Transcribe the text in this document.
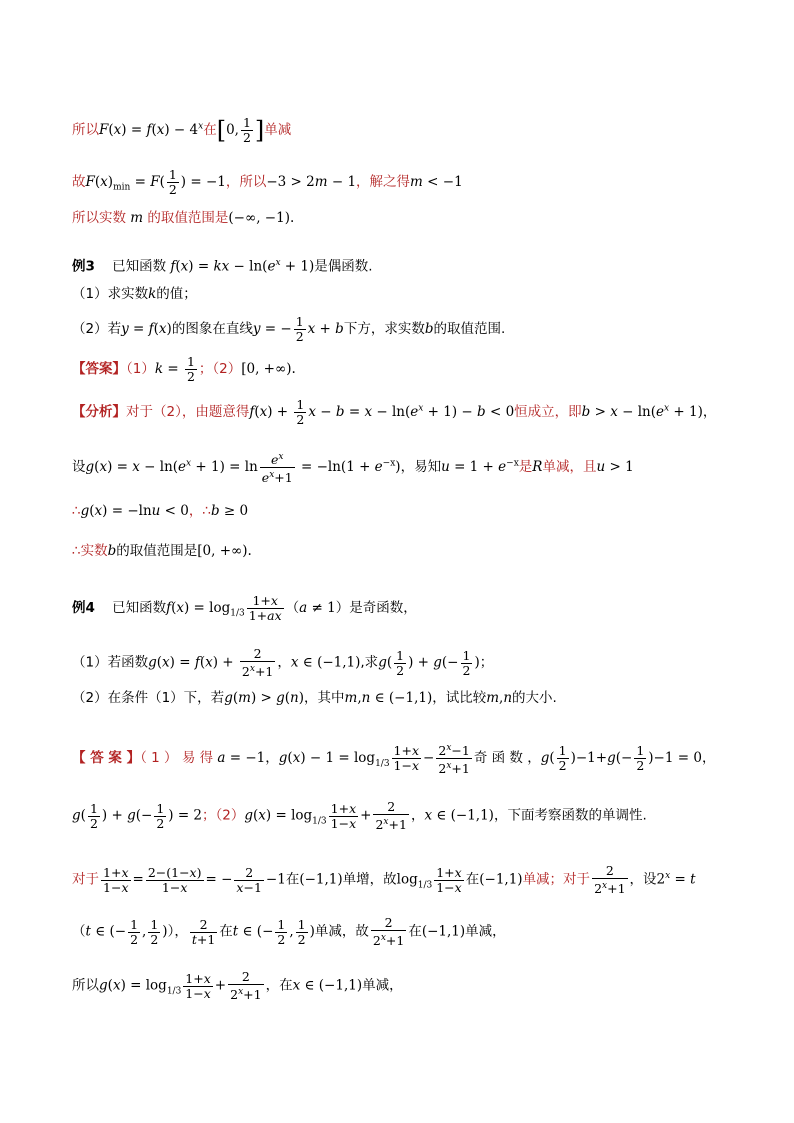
所以$F(x) = f(x) - 4^x$在[0, $\frac{1}{2}$ ]单减
故$F(x)_{min} = F( \frac{1}{2}$ ) = −1，所以−3 > 2m − 1，解之得m < −1
所以实数 m 的取值范围是(−∞, −1).
例3 已知函数 f(x) = kx − $\ln(e^x + 1)$是偶函数.
（1）求实数k的值；
（2）若y = f(x)的图象在直线y = − $\frac{1}{2}$ x + b下方，求实数b的取值范围.
【答案】$(1)k = \frac{1}{2}$ ；（2）[0, +∞).
【分析】对于（2），由题意得$f(x) + \frac{1}{2}$ $x - b = x - \ln(e^x + 1) - b < 0$恒成立，即$b > x - \ln(e^x + 1)$，
设$g(x) = x - \ln(e^x + 1) = \ln \frac{e^x}{e^x+1} = -\ln(1 + e^{-x})$，易知$u = 1 + e^{-x}$是R单减，且u > 1
∴g(x) = −lnu < 0，∴b ≥ 0
∴实数b的取值范围是[0, +∞).
例4 已知函数$f(x) = \log_{1/3} \frac{1+x}{1+ax} (a \ne 1)$是奇函数，
（1）若函数$g(x) = f(x) + \frac{2}{2^x+1}$ ，x ∈ (−1,1),求$g( \frac{1}{2}$ ) + $g(- \frac{1}{2}$ )；
（2）在条件（1）下，若g(m) > g(n)，其中m,n ∈ (−1,1)，试比较m,n的大小.
【 答 案 】（ 1 ） 易 得 a = −1，$g(x) - 1 = \log_{1/3} \frac{1+x}{1-x} - \frac{2^x-1}{2^x+1}$ 奇 函 数 ，$g( \frac{1}{2} )-1+g(- \frac{1}{2} )-1 = 0$，
$g( \frac{1}{2}$ ) + $g(- \frac{1}{2}$ ) = 2；$(2)g(x) = \log_{1/3} \frac{1+x}{1-x} + \frac{2}{2^x+1}$ ，x ∈ (−1,1)，下面考察函数的单调性.
对于 $\frac{1+x}{1-x} = \frac{2-(1-x)}{1-x}$ = − $\frac{2}{x-1} -1$在(−1,1)单增，故$\log_{1/3} \frac{1+x}{1-x}$ 在(−1,1)单减；对于 $\frac{2}{2^x+1}$ ，设$2^x = t$
（t ∈ (− $\frac{1}{2}$ , $\frac{1}{2}$ )）， $\frac{2}{t+1}$ 在t ∈ (− $\frac{1}{2}$ , $\frac{1}{2}$ )单减，故 $\frac{2}{2^x+1}$ 在(−1,1)单减，
所以$g(x) = \log_{1/3} \frac{1+x}{1-x} + \frac{2}{2^x+1}$ ，在x ∈ (−1,1)单减，
